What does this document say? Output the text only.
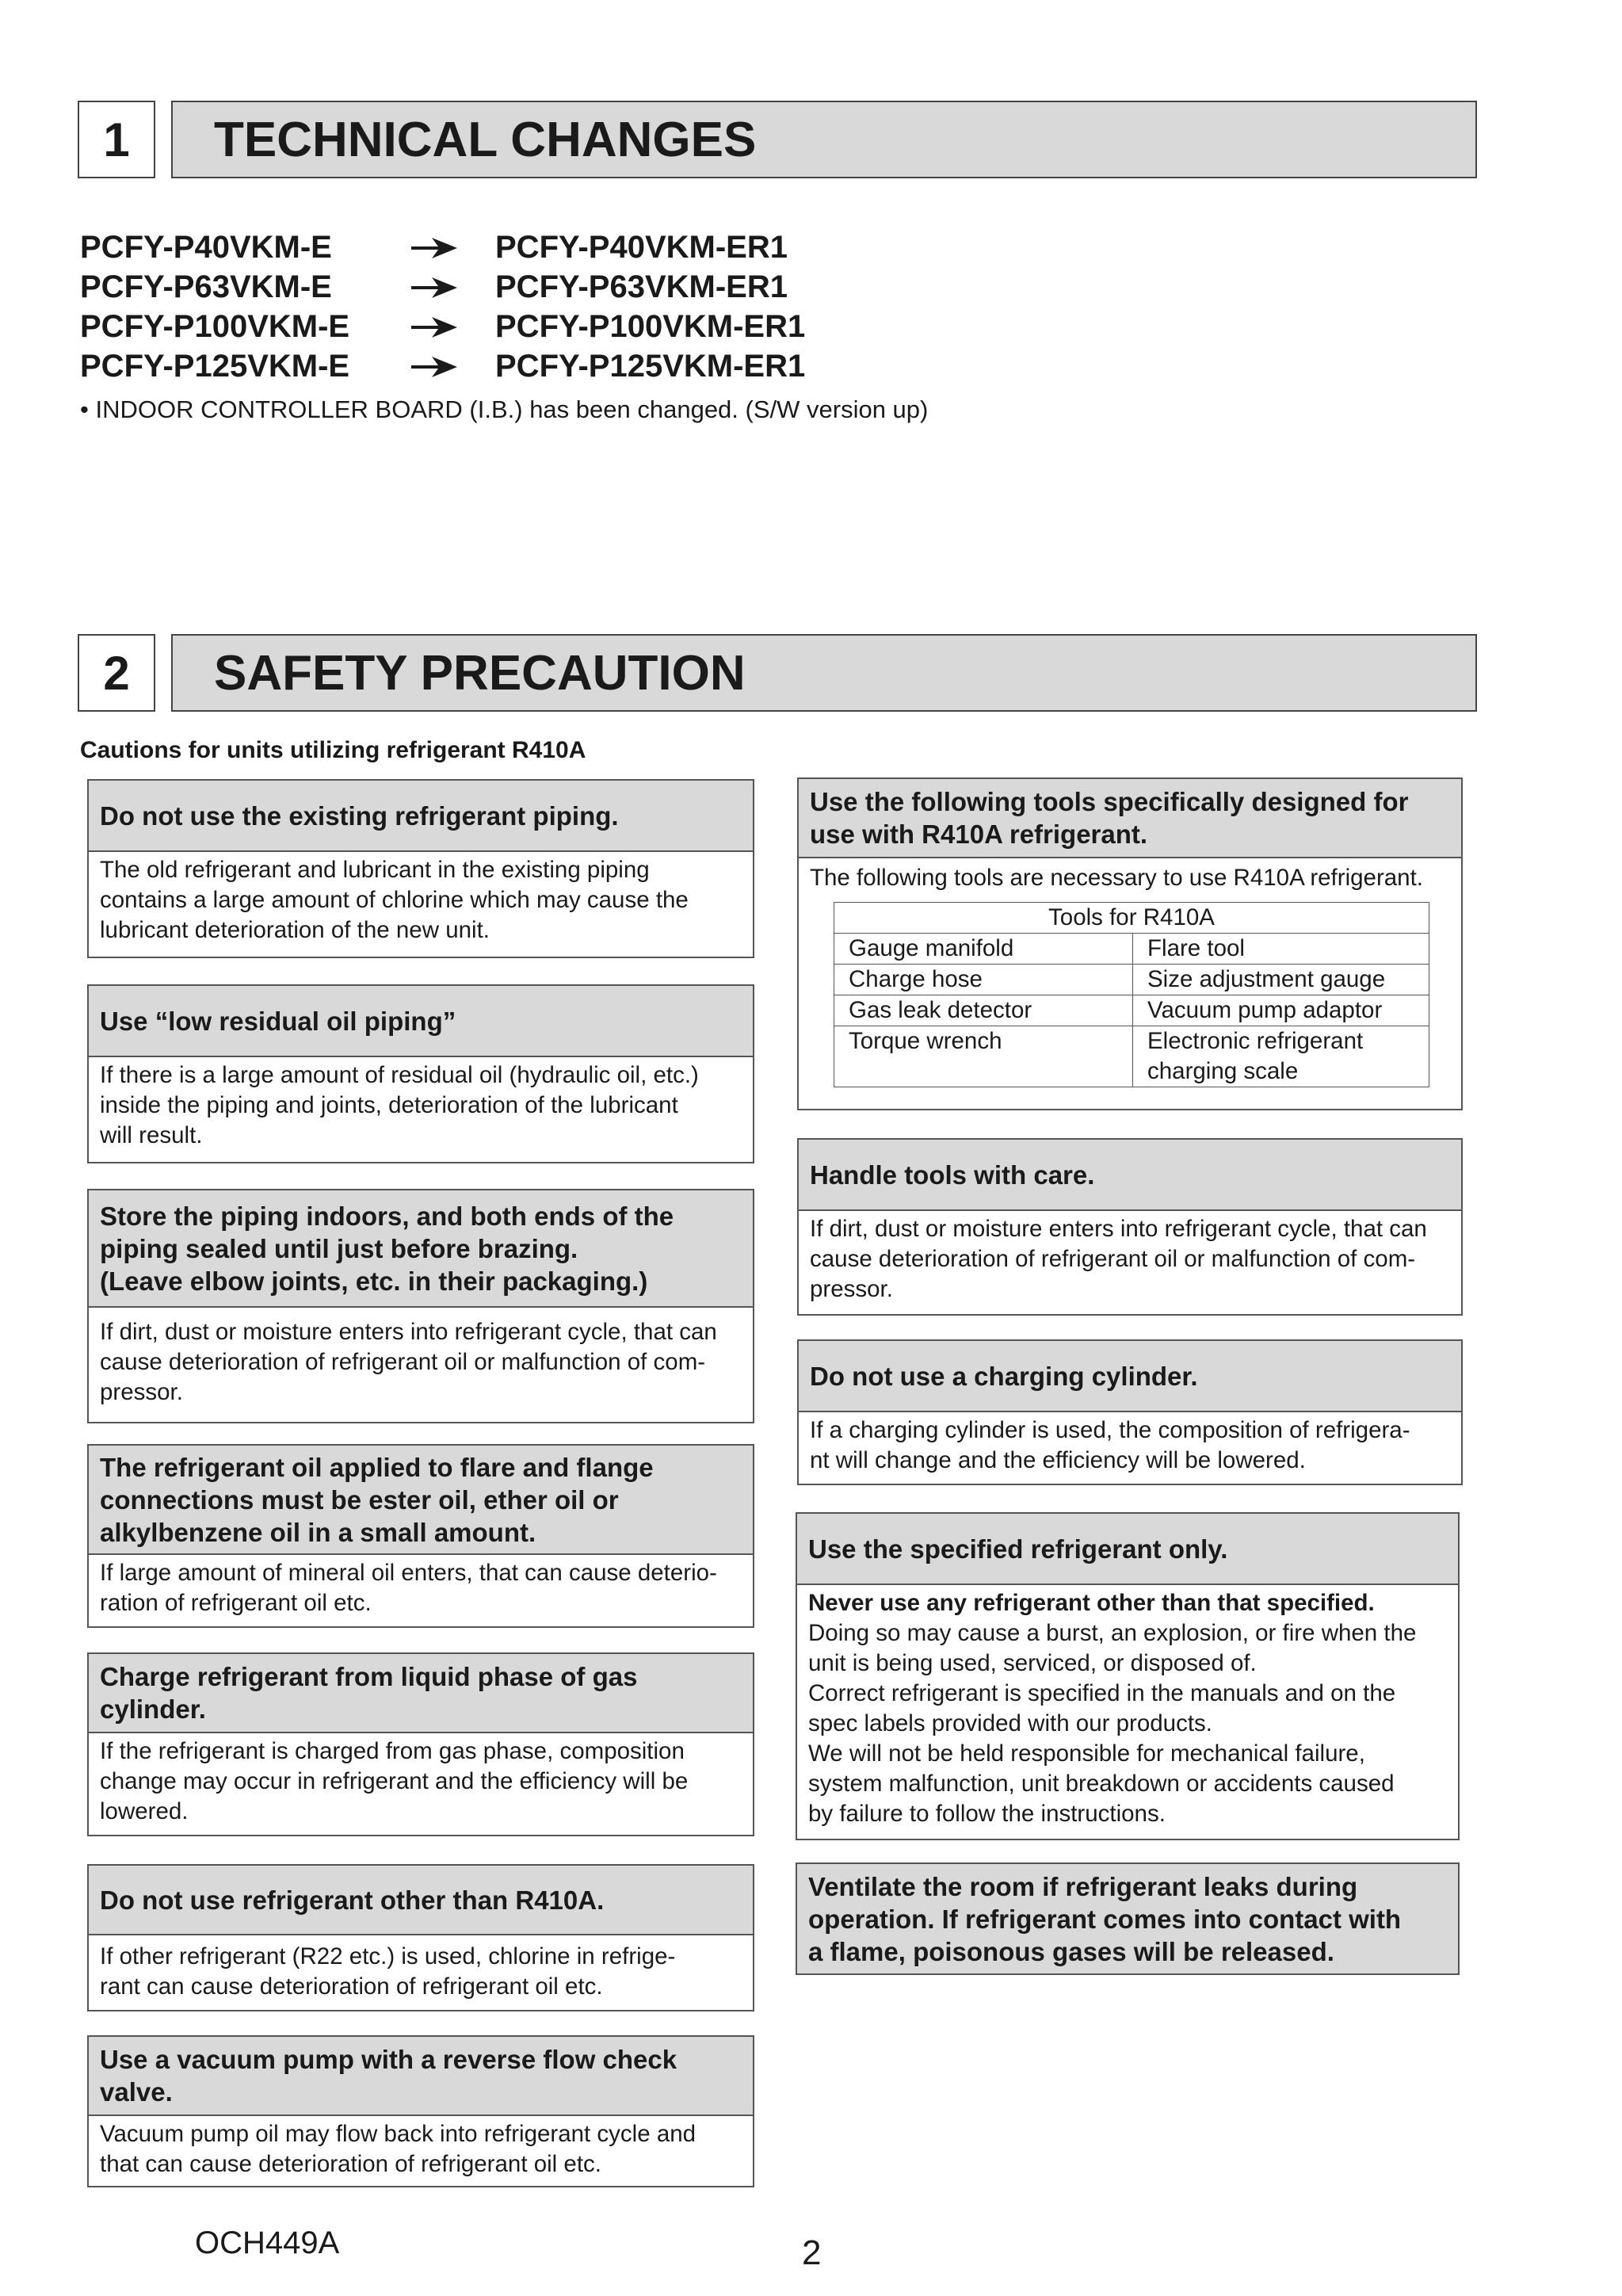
1	TECHNICAL CHANGES
PCFY-P40VKM-E	PCFY-P40VKM-ER1
PCFY-P63VKM-E	PCFY-P63VKM-ER1
PCFY-P100VKM-E	PCFY-P100VKM-ER1
PCFY-P125VKM-E	PCFY-P125VKM-ER1
• INDOOR CONTROLLER BOARD (I.B.) has been changed. (S/W version up)
2	SAFETY PRECAUTION
Cautions for units utilizing refrigerant R410A
Do not use the existing refrigerant piping.

The old refrigerant and lubricant in the existing piping

contains a large amount of chlorine which may cause the

lubricant deterioration of the new unit.

Use “low residual oil piping”

If there is a large amount of residual oil (hydraulic oil, etc.)

inside the piping and joints, deterioration of the lubricant

will result.

Store the piping indoors, and both ends of the
piping sealed until just before brazing.
(Leave elbow joints, etc. in their packaging.)

If dirt, dust or moisture enters into refrigerant cycle, that can

cause deterioration of refrigerant oil or malfunction of com-

pressor.

The refrigerant oil applied to flare and flange
connections must be ester oil, ether oil or
alkylbenzene oil in a small amount.

If large amount of mineral oil enters, that can cause deterio-

ration of refrigerant oil etc.

Charge refrigerant from liquid phase of gas
cylinder.

If the refrigerant is charged from gas phase, composition

change may occur in refrigerant and the efficiency will be

lowered.

Do not use refrigerant other than R410A.

If other refrigerant (R22 etc.) is used, chlorine in refrige-

rant can cause deterioration of refrigerant oil etc.

Use a vacuum pump with a reverse flow check
valve.

Vacuum pump oil may flow back into refrigerant cycle and

that can cause deterioration of refrigerant oil etc.

Use the following tools specifically designed for
use with R410A refrigerant.

The following tools are necessary to use R410A refrigerant.

Tools for R410A	
Gauge manifold	Flare tool
Charge hose	Size adjustment gauge
Gas leak detector	Vacuum pump adaptor
Torque wrench	Electronic refrigerant
	charging scale
Handle tools with care.

If dirt, dust or moisture enters into refrigerant cycle, that can

cause deterioration of refrigerant oil or malfunction of com-

pressor.

Do not use a charging cylinder.

If a charging cylinder is used, the composition of refrigera-

nt will change and the efficiency will be lowered.

Use the specified refrigerant only.

Never use any refrigerant other than that specified.

Doing so may cause a burst, an explosion, or fire when the

unit is being used, serviced, or disposed of.

Correct refrigerant is specified in the manuals and on the

spec labels provided with our products.

We will not be held responsible for mechanical failure,

system malfunction, unit breakdown or accidents caused

by failure to follow the instructions.

Ventilate the room if refrigerant leaks during
operation. If refrigerant comes into contact with
a flame, poisonous gases will be released.
OCH449A	2
